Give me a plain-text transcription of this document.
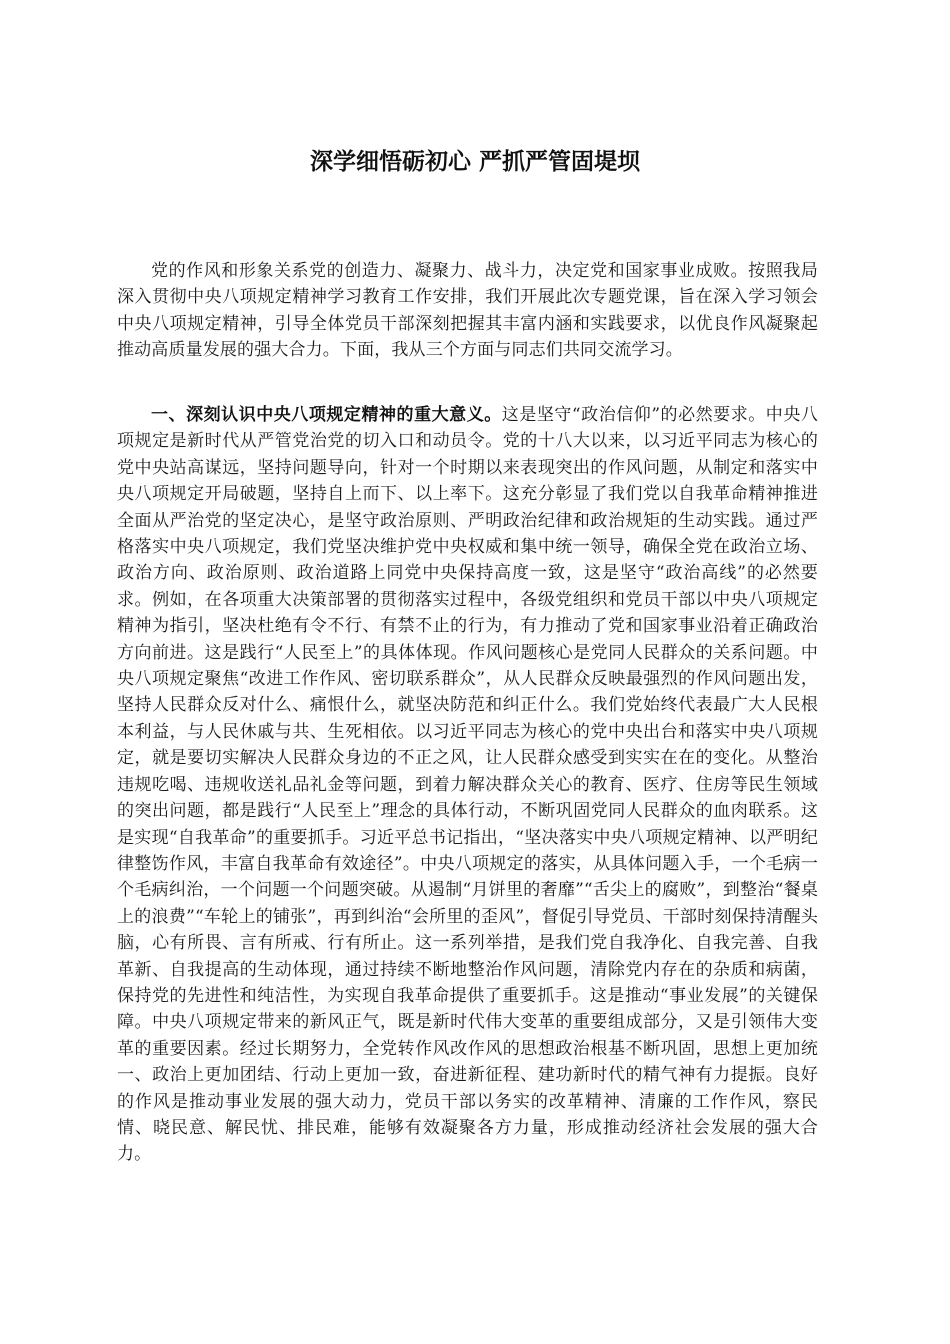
深学细悟砺初心 严抓严管固堤坝

党的作风和形象关系党的创造力、凝聚力、战斗力，决定党和国家事业成败。按照我局深入贯彻中央八项规定精神学习教育工作安排，我们开展此次专题党课，旨在深入学习领会中央八项规定精神，引导全体党员干部深刻把握其丰富内涵和实践要求，以优良作风凝聚起推动高质量发展的强大合力。下面，我从三个方面与同志们共同交流学习。

一、深刻认识中央八项规定精神的重大意义。这是坚守“政治信仰”的必然要求。中央八项规定是新时代从严管党治党的切入口和动员令。党的十八大以来，以习近平同志为核心的党中央站高谋远，坚持问题导向，针对一个时期以来表现突出的作风问题，从制定和落实中央八项规定开局破题，坚持自上而下、以上率下。这充分彰显了我们党以自我革命精神推进全面从严治党的坚定决心，是坚守政治原则、严明政治纪律和政治规矩的生动实践。通过严格落实中央八项规定，我们党坚决维护党中央权威和集中统一领导，确保全党在政治立场、政治方向、政治原则、政治道路上同党中央保持高度一致，这是坚守“政治高线”的必然要求。例如，在各项重大决策部署的贯彻落实过程中，各级党组织和党员干部以中央八项规定精神为指引，坚决杜绝有令不行、有禁不止的行为，有力推动了党和国家事业沿着正确政治方向前进。这是践行“人民至上”的具体体现。作风问题核心是党同人民群众的关系问题。中央八项规定聚焦“改进工作作风、密切联系群众”，从人民群众反映最强烈的作风问题出发，坚持人民群众反对什么、痛恨什么，就坚决防范和纠正什么。我们党始终代表最广大人民根本利益，与人民休戚与共、生死相依。以习近平同志为核心的党中央出台和落实中央八项规定，就是要切实解决人民群众身边的不正之风，让人民群众感受到实实在在的变化。从整治违规吃喝、违规收送礼品礼金等问题，到着力解决群众关心的教育、医疗、住房等民生领域的突出问题，都是践行“人民至上”理念的具体行动，不断巩固党同人民群众的血肉联系。这是实现“自我革命”的重要抓手。习近平总书记指出，“坚决落实中央八项规定精神、以严明纪律整饬作风，丰富自我革命有效途径”。中央八项规定的落实，从具体问题入手，一个毛病一个毛病纠治，一个问题一个问题突破。从遏制“月饼里的奢靡”“舌尖上的腐败”，到整治“餐桌上的浪费”“车轮上的铺张”，再到纠治“会所里的歪风”，督促引导党员、干部时刻保持清醒头脑，心有所畏、言有所戒、行有所止。这一系列举措，是我们党自我净化、自我完善、自我革新、自我提高的生动体现，通过持续不断地整治作风问题，清除党内存在的杂质和病菌，保持党的先进性和纯洁性，为实现自我革命提供了重要抓手。这是推动“事业发展”的关键保障。中央八项规定带来的新风正气，既是新时代伟大变革的重要组成部分，又是引领伟大变革的重要因素。经过长期努力，全党转作风改作风的思想政治根基不断巩固，思想上更加统一、政治上更加团结、行动上更加一致，奋进新征程、建功新时代的精气神有力提振。良好的作风是推动事业发展的强大动力，党员干部以务实的改革精神、清廉的工作作风，察民情、晓民意、解民忧、排民难，能够有效凝聚各方力量，形成推动经济社会发展的强大合力。
